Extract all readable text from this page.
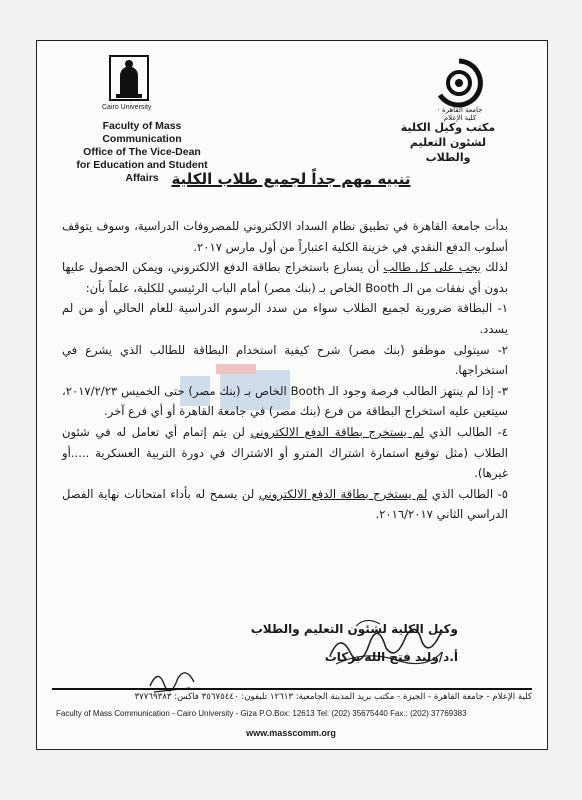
Cairo University
Faculty of Mass Communication
Office of The Vice-Dean
for Education and Student Affairs
جامعة القاهرة · كلية الإعلام
مكتب وكيل الكلية
لشئون التعليم والطلاب
تنبيه مهم جداً لجميع طلاب الكلية

بدأت جامعة القاهرة في تطبيق نظام السداد الالكتروني للمصروفات الدراسية، وسوف يتوقف أسلوب الدفع النقدي في خزينة الكلية اعتباراً من أول مارس ٢٠١٧.

لذلك يجب على كل طالب أن يسارع باستخراج بطاقة الدفع الالكتروني، ويمكن الحصول عليها بدون أي نفقات من الـ Booth الخاص بـ (بنك مصر) أمام الباب الرئيسي للكلية، علماً بأن:

١- البطاقة ضرورية لجميع الطلاب سواء من سدد الرسوم الدراسية للعام الحالي أو من لم يسدد.

٢- سيتولى موظفو (بنك مصر) شرح كيفية استخدام البطاقة للطالب الذي يشرع في استخراجها.

٣- إذا لم ينتهز الطالب فرصة وجود الـ Booth الخاص بـ (بنك مصر) حتى الخميس ٢٠١٧/٢/٢٣، سيتعين عليه استخراج البطاقة من فرع (بنك مصر) في جامعة القاهرة أو أي فرع آخر.

٤- الطالب الذي لم يستخرج بطاقة الدفع الالكتروني لن يتم إتمام أي تعامل له في شئون الطلاب (مثل توقيع استمارة اشتراك المترو أو الاشتراك في دورة التربية العسكرية .....أو غيرها).

٥- الطالب الذي لم يستخرج بطاقة الدفع الالكتروني لن يسمح له بأداء امتحانات نهاية الفصل الدراسي الثاني ٢٠١٦/٢٠١٧.

وكيل الكلية لشئون التعليم والطلاب
أ.د/وليد فتح الله بركات
كلية الإعلام - جامعة القاهرة - الجيزة - مكتب بريد المدينة الجامعية: ١٢٦١٣ تليفون: ٣٥٦٧٥٤٤٠ فاكس: ٣٧٧٦٩٣٨٣
Faculty of Mass Communication - Cairo University - Giza P.O.Box: 12613 Tel: (202) 35675440 Fax.: (202) 37769383
www.masscomm.org
